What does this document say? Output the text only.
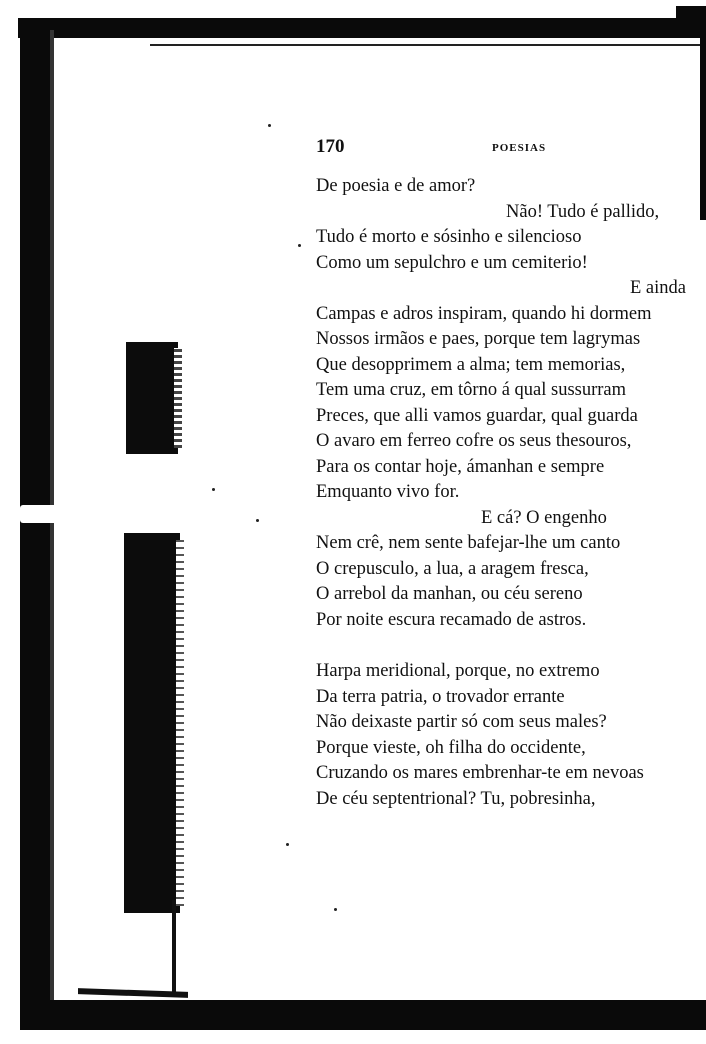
170	POESIAS
De poesia e de amor?
Não! Tudo é pallido,
Tudo é morto e sósinho e silencioso
Como um sepulchro e um cemiterio!
E ainda
Campas e adros inspiram, quando hi dormem
Nossos irmãos e paes, porque tem lagrymas
Que desopprimem a alma; tem memorias,
Tem uma cruz, em tôrno á qual sussurram
Preces, que alli vamos guardar, qual guarda
O avaro em ferreo cofre os seus thesouros,
Para os contar hoje, ámanhan e sempre
Emquanto vivo for.
E cá? O engenho
Nem crê, nem sente bafejar-lhe um canto
O crepusculo, a lua, a aragem fresca,
O arrebol da manhan, ou céu sereno
Por noite escura recamado de astros.
Harpa meridional, porque, no extremo
Da terra patria, o trovador errante
Não deixaste partir só com seus males?
Porque vieste, oh filha do occidente,
Cruzando os mares embrenhar-te em nevoas
De céu septentrional? Tu, pobresinha,
